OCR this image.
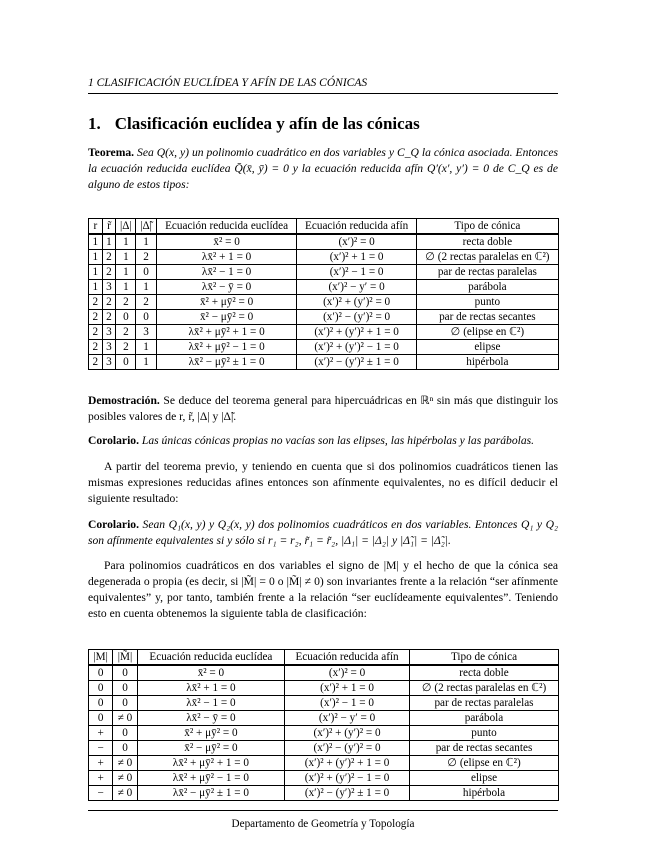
1 CLASIFICACIÓN EUCLÍDEA Y AFÍN DE LAS CÓNICAS
1. Clasificación euclídea y afín de las cónicas
Teorema. Sea Q(x, y) un polinomio cuadrático en dos variables y C_Q la cónica asociada. Entonces la ecuación reducida euclídea Q̄(x̄, ȳ) = 0 y la ecuación reducida afín Q′(x′, y′) = 0 de C_Q es de alguno de estos tipos:
r	r̃	|Δ|	|Δ̃|	Ecuación reducida euclídea	Ecuación reducida afín	Tipo de cónica
1	1	1	1	x̄² = 0	(x′)² = 0	recta doble
1	2	1	2	λx̄² + 1 = 0	(x′)² + 1 = 0	∅ (2 rectas paralelas en ℂ²)
1	2	1	0	λx̄² − 1 = 0	(x′)² − 1 = 0	par de rectas paralelas
1	3	1	1	λx̄² − ȳ = 0	(x′)² − y′ = 0	parábola
2	2	2	2	x̄² + μȳ² = 0	(x′)² + (y′)² = 0	punto
2	2	0	0	x̄² − μȳ² = 0	(x′)² − (y′)² = 0	par de rectas secantes
2	3	2	3	λx̄² + μȳ² + 1 = 0	(x′)² + (y′)² + 1 = 0	∅ (elipse en ℂ²)
2	3	2	1	λx̄² + μȳ² − 1 = 0	(x′)² + (y′)² − 1 = 0	elipse
2	3	0	1	λx̄² − μȳ² ± 1 = 0	(x′)² − (y′)² ± 1 = 0	hipérbola
Demostración. Se deduce del teorema general para hipercuádricas en ℝⁿ sin más que distinguir los posibles valores de r, r̃, |Δ| y |Δ̃|.
Corolario. Las únicas cónicas propias no vacías son las elipses, las hipérbolas y las parábolas.
A partir del teorema previo, y teniendo en cuenta que si dos polinomios cuadráticos tienen las mismas expresiones reducidas afines entonces son afínmente equivalentes, no es difícil deducir el siguiente resultado:
Corolario. Sean Q₁(x, y) y Q₂(x, y) dos polinomios cuadráticos en dos variables. Entonces Q₁ y Q₂ son afínmente equivalentes si y sólo si r₁ = r₂, r̃₁ = r̃₂, |Δ₁| = |Δ₂| y |Δ̃₁| = |Δ̃₂|.
Para polinomios cuadráticos en dos variables el signo de |M| y el hecho de que la cónica sea degenerada o propia (es decir, si |M̃| = 0 o |M̃| ≠ 0) son invariantes frente a la relación “ser afínmente equivalentes” y, por tanto, también frente a la relación “ser euclídeamente equivalentes”. Teniendo esto en cuenta obtenemos la siguiente tabla de clasificación:
|M|	|M̃|	Ecuación reducida euclídea	Ecuación reducida afín	Tipo de cónica
0	0	x̄² = 0	(x′)² = 0	recta doble
0	0	λx̄² + 1 = 0	(x′)² + 1 = 0	∅ (2 rectas paralelas en ℂ²)
0	0	λx̄² − 1 = 0	(x′)² − 1 = 0	par de rectas paralelas
0	≠ 0	λx̄² − ȳ = 0	(x′)² − y′ = 0	parábola
+	0	x̄² + μȳ² = 0	(x′)² + (y′)² = 0	punto
−	0	x̄² − μȳ² = 0	(x′)² − (y′)² = 0	par de rectas secantes
+	≠ 0	λx̄² + μȳ² + 1 = 0	(x′)² + (y′)² + 1 = 0	∅ (elipse en ℂ²)
+	≠ 0	λx̄² + μȳ² − 1 = 0	(x′)² + (y′)² − 1 = 0	elipse
−	≠ 0	λx̄² − μȳ² ± 1 = 0	(x′)² − (y′)² ± 1 = 0	hipérbola
Departamento de Geometría y Topología
